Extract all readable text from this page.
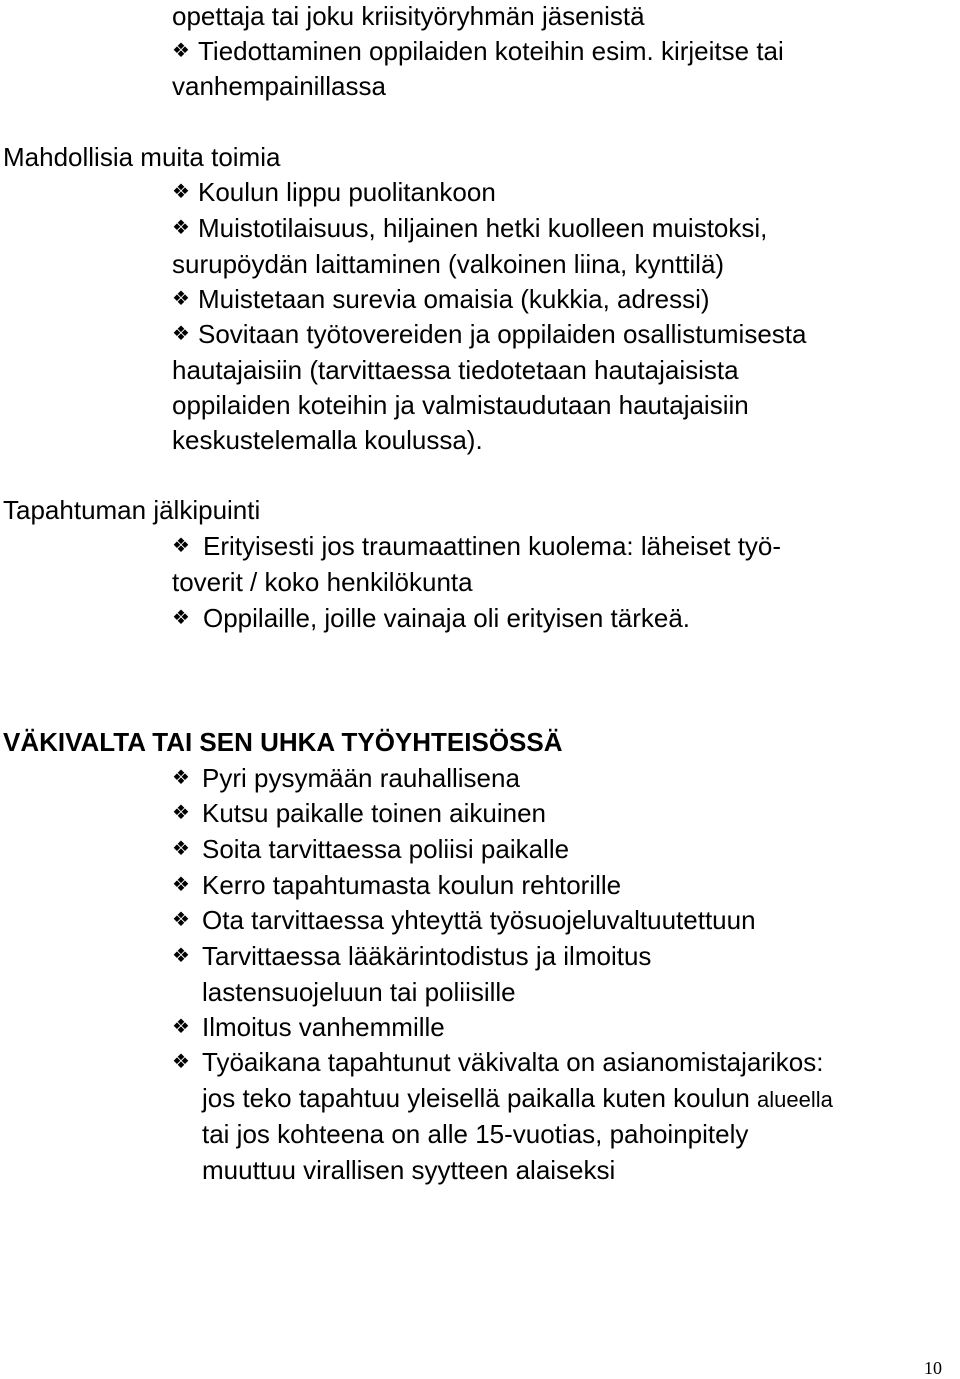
opettaja tai joku kriisityöryhmän jäsenistä
❖ Tiedottaminen oppilaiden koteihin esim. kirjeitse tai
vanhempainillassa
Mahdollisia muita toimia
❖ Koulun lippu puolitankoon
❖ Muistotilaisuus, hiljainen hetki kuolleen muistoksi,
surupöydän laittaminen (valkoinen liina, kynttilä)
❖ Muistetaan surevia omaisia (kukkia, adressi)
❖ Sovitaan työtovereiden ja oppilaiden osallistumisesta
hautajaisiin (tarvittaessa tiedotetaan hautajaisista
oppilaiden koteihin ja valmistaudutaan hautajaisiin
keskustelemalla koulussa).
Tapahtuman jälkipuinti
❖ Erityisesti jos traumaattinen kuolema: läheiset työ-
toverit / koko henkilökunta
❖ Oppilaille, joille vainaja oli erityisen tärkeä.
VÄKIVALTA TAI SEN UHKA TYÖYHTEISÖSSÄ
❖ Pyri pysymään rauhallisena
❖ Kutsu paikalle toinen aikuinen
❖ Soita tarvittaessa poliisi paikalle
❖ Kerro tapahtumasta koulun rehtorille
❖ Ota tarvittaessa yhteyttä työsuojeluvaltuutettuun
❖ Tarvittaessa lääkärintodistus ja ilmoitus
lastensuojeluun tai poliisille
❖ Ilmoitus vanhemmille
❖ Työaikana tapahtunut väkivalta on asianomistajarikos:
jos teko tapahtuu yleisellä paikalla kuten koulun alueella
tai jos kohteena on alle 15-vuotias, pahoinpitely
muuttuu virallisen syytteen alaiseksi
10
